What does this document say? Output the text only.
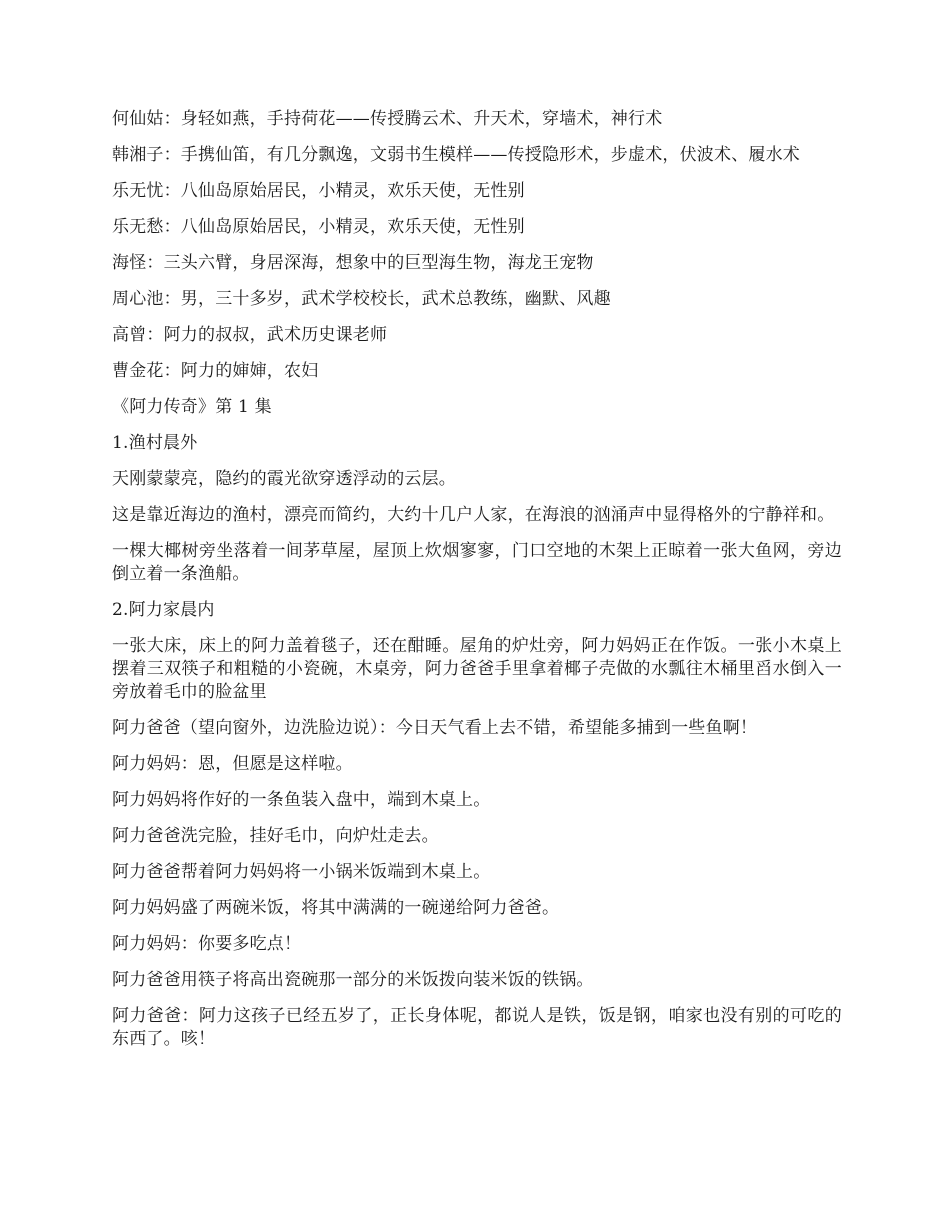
何仙姑：身轻如燕，手持荷花——传授腾云术、升天术，穿墙术，神行术

韩湘子：手携仙笛，有几分飘逸，文弱书生模样——传授隐形术，步虚术，伏波术、履水术

乐无忧：八仙岛原始居民，小精灵，欢乐天使，无性别

乐无愁：八仙岛原始居民，小精灵，欢乐天使，无性别

海怪：三头六臂，身居深海，想象中的巨型海生物，海龙王宠物

周心池：男，三十多岁，武术学校校长，武术总教练，幽默、风趣

高曾：阿力的叔叔，武术历史课老师

曹金花：阿力的婶婶，农妇

《阿力传奇》第 1 集

1.渔村晨外

天刚蒙蒙亮，隐约的霞光欲穿透浮动的云层。

这是靠近海边的渔村，漂亮而简约，大约十几户人家，在海浪的汹涌声中显得格外的宁静祥和。

一棵大椰树旁坐落着一间茅草屋，屋顶上炊烟寥寥，门口空地的木架上正晾着一张大鱼网，旁边倒立着一条渔船。

2.阿力家晨内

一张大床，床上的阿力盖着毯子，还在酣睡。屋角的炉灶旁，阿力妈妈正在作饭。一张小木桌上摆着三双筷子和粗糙的小瓷碗，木桌旁，阿力爸爸手里拿着椰子壳做的水瓢往木桶里舀水倒入一旁放着毛巾的脸盆里

阿力爸爸（望向窗外，边洗脸边说）：今日天气看上去不错，希望能多捕到一些鱼啊！

阿力妈妈：恩，但愿是这样啦。

阿力妈妈将作好的一条鱼装入盘中，端到木桌上。

阿力爸爸洗完脸，挂好毛巾，向炉灶走去。

阿力爸爸帮着阿力妈妈将一小锅米饭端到木桌上。

阿力妈妈盛了两碗米饭，将其中满满的一碗递给阿力爸爸。

阿力妈妈：你要多吃点！

阿力爸爸用筷子将高出瓷碗那一部分的米饭拨向装米饭的铁锅。

阿力爸爸：阿力这孩子已经五岁了，正长身体呢，都说人是铁，饭是钢，咱家也没有别的可吃的东西了。咳！
